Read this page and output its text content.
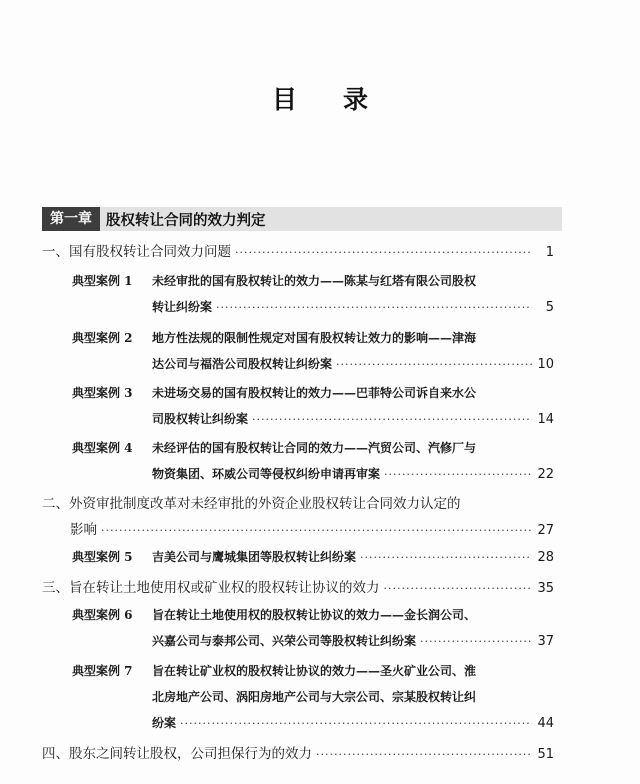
目录
第一章 股权转让合同的效力判定
一、国有股权转让合同效力问题 ·····	1
典型案例 1 未经审批的国有股权转让的效力——陈某与红塔有限公司股权
转让纠纷案 ·····	5
典型案例 2 地方性法规的限制性规定对国有股权转让效力的影响——津海
达公司与福浩公司股权转让纠纷案 ·····	10
典型案例 3 未进场交易的国有股权转让的效力——巴菲特公司诉自来水公
司股权转让纠纷案 ·····	14
典型案例 4 未经评估的国有股权转让合同的效力——汽贸公司、汽修厂与
物资集团、环威公司等侵权纠纷申请再审案 ·····	22
二、外资审批制度改革对未经审批的外资企业股权转让合同效力认定的
影响 ·····	27
典型案例 5 吉美公司与鹰城集团等股权转让纠纷案 ·····	28
三、旨在转让土地使用权或矿业权的股权转让协议的效力 ·····	35
典型案例 6 旨在转让土地使用权的股权转让协议的效力——金长润公司、
兴嘉公司与泰邦公司、兴荣公司等股权转让纠纷案 ·····	37
典型案例 7 旨在转让矿业权的股权转让协议的效力——圣火矿业公司、淮
北房地产公司、涡阳房地产公司与大宗公司、宗某股权转让纠
纷案 ·····	44
四、股东之间转让股权，公司担保行为的效力 ·····	51
